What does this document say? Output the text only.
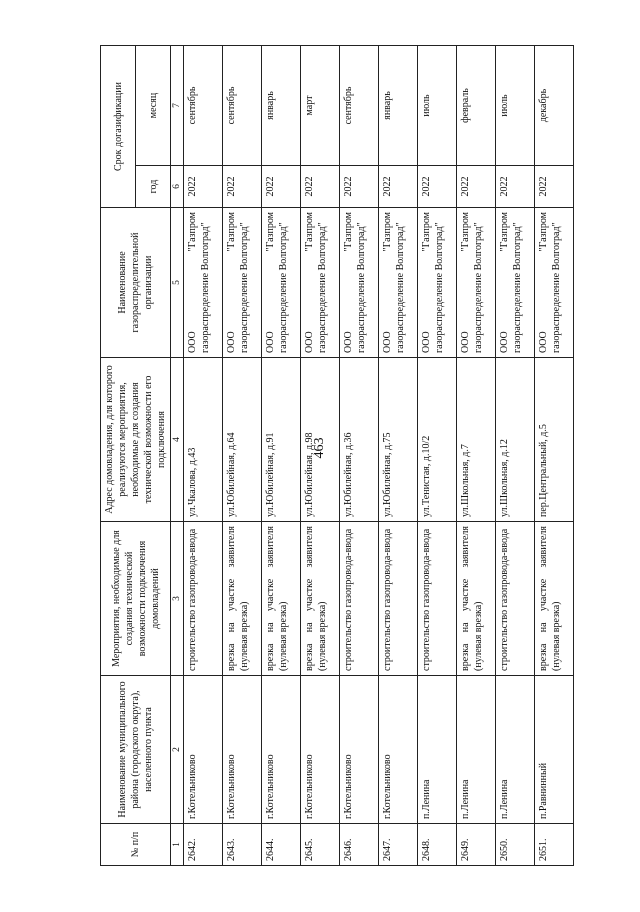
463
№ п/п	Наименование муниципального района (городского округа), населенного пункта	Мероприятия, необходимые для создания технической возможности подключения домовладений	Адрес домовладения, для которого реализуются мероприятия, необходимые для создания технической возможности его подключения	Наименование газораспределительной организации	Срок догазификации	
					год	месяц
1	2	3	4	5	6	7
2642.	г.Котельниково	строительство газопровода-ввода	ул.Чкалова, д.43	ООО "Газпром газораспределение Волгоград"	2022	сентябрь
2643.	г.Котельниково	врезка на участке заявителя (нулевая врезка)	ул.Юбилейная, д.64	ООО "Газпром газораспределение Волгоград"	2022	сентябрь
2644.	г.Котельниково	врезка на участке заявителя (нулевая врезка)	ул.Юбилейная, д.91	ООО "Газпром газораспределение Волгоград"	2022	январь
2645.	г.Котельниково	врезка на участке заявителя (нулевая врезка)	ул.Юбилейная, д.98	ООО "Газпром газораспределение Волгоград"	2022	март
2646.	г.Котельниково	строительство газопровода-ввода	ул.Юбилейная, д.36	ООО "Газпром газораспределение Волгоград"	2022	сентябрь
2647.	г.Котельниково	строительство газопровода-ввода	ул.Юбилейная, д.75	ООО "Газпром газораспределение Волгоград"	2022	январь
2648.	п.Ленина	строительство газопровода-ввода	ул.Тенистая, д.10/2	ООО "Газпром газораспределение Волгоград"	2022	июль
2649.	п.Ленина	врезка на участке заявителя (нулевая врезка)	ул.Школьная, д.7	ООО "Газпром газораспределение Волгоград"	2022	февраль
2650.	п.Ленина	строительство газопровода-ввода	ул.Школьная, д.12	ООО "Газпром газораспределение Волгоград"	2022	июль
2651.	п.Равнинный	врезка на участке заявителя (нулевая врезка)	пер.Центральный, д.5	ООО "Газпром газораспределение Волгоград"	2022	декабрь
